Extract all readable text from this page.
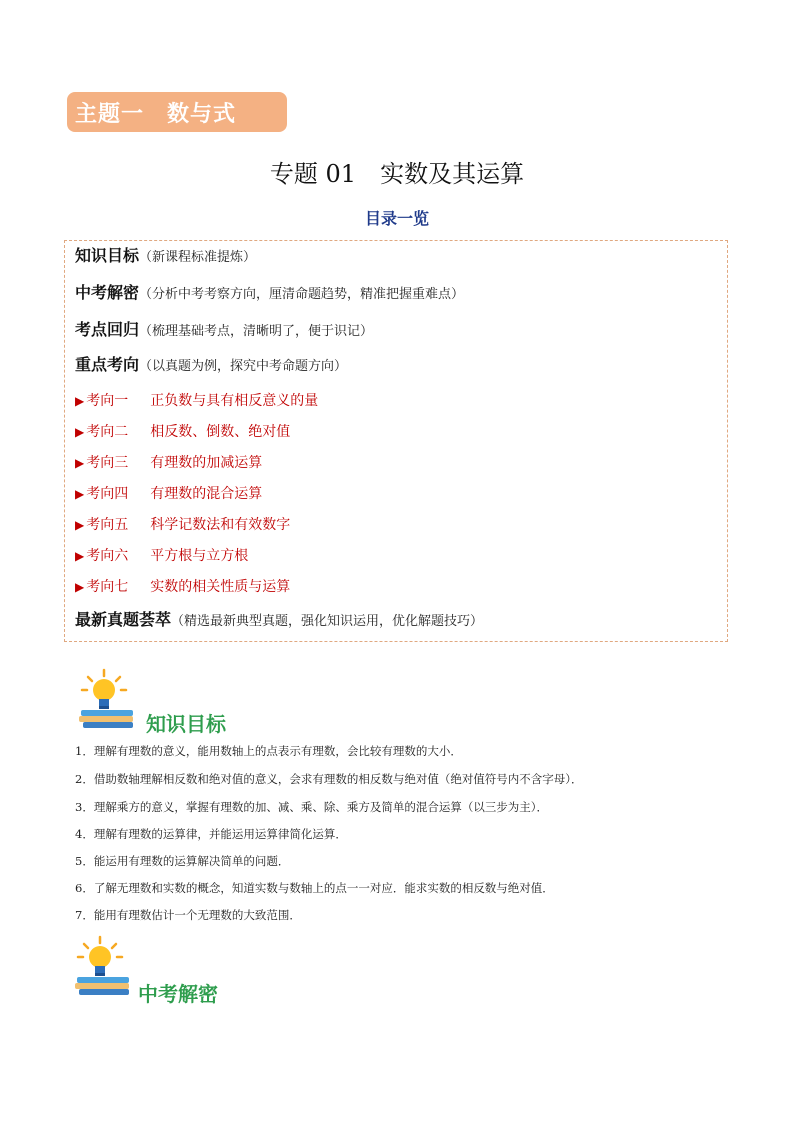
主题一　数与式
专题 01　实数及其运算
目录一览
知识目标（新课程标准提炼）
中考解密（分析中考考察方向，厘清命题趋势，精准把握重难点）
考点回归（梳理基础考点，清晰明了，便于识记）
重点考向（以真题为例，探究中考命题方向）
▶ 考向一 正负数与具有相反意义的量
▶ 考向二 相反数、倒数、绝对值
▶ 考向三 有理数的加减运算
▶ 考向四 有理数的混合运算
▶ 考向五 科学记数法和有效数字
▶ 考向六 平方根与立方根
▶ 考向七 实数的相关性质与运算
最新真题荟萃（精选最新典型真题，强化知识运用，优化解题技巧）
知识目标
1．理解有理数的意义，能用数轴上的点表示有理数，会比较有理数的大小．
2．借助数轴理解相反数和绝对值的意义，会求有理数的相反数与绝对值（绝对值符号内不含字母）．
3．理解乘方的意义，掌握有理数的加、减、乘、除、乘方及简单的混合运算（以三步为主）．
4．理解有理数的运算律，并能运用运算律简化运算．
5．能运用有理数的运算解决简单的问题．
6．了解无理数和实数的概念，知道实数与数轴上的点一一对应．能求实数的相反数与绝对值．
7．能用有理数估计一个无理数的大致范围．
中考解密
